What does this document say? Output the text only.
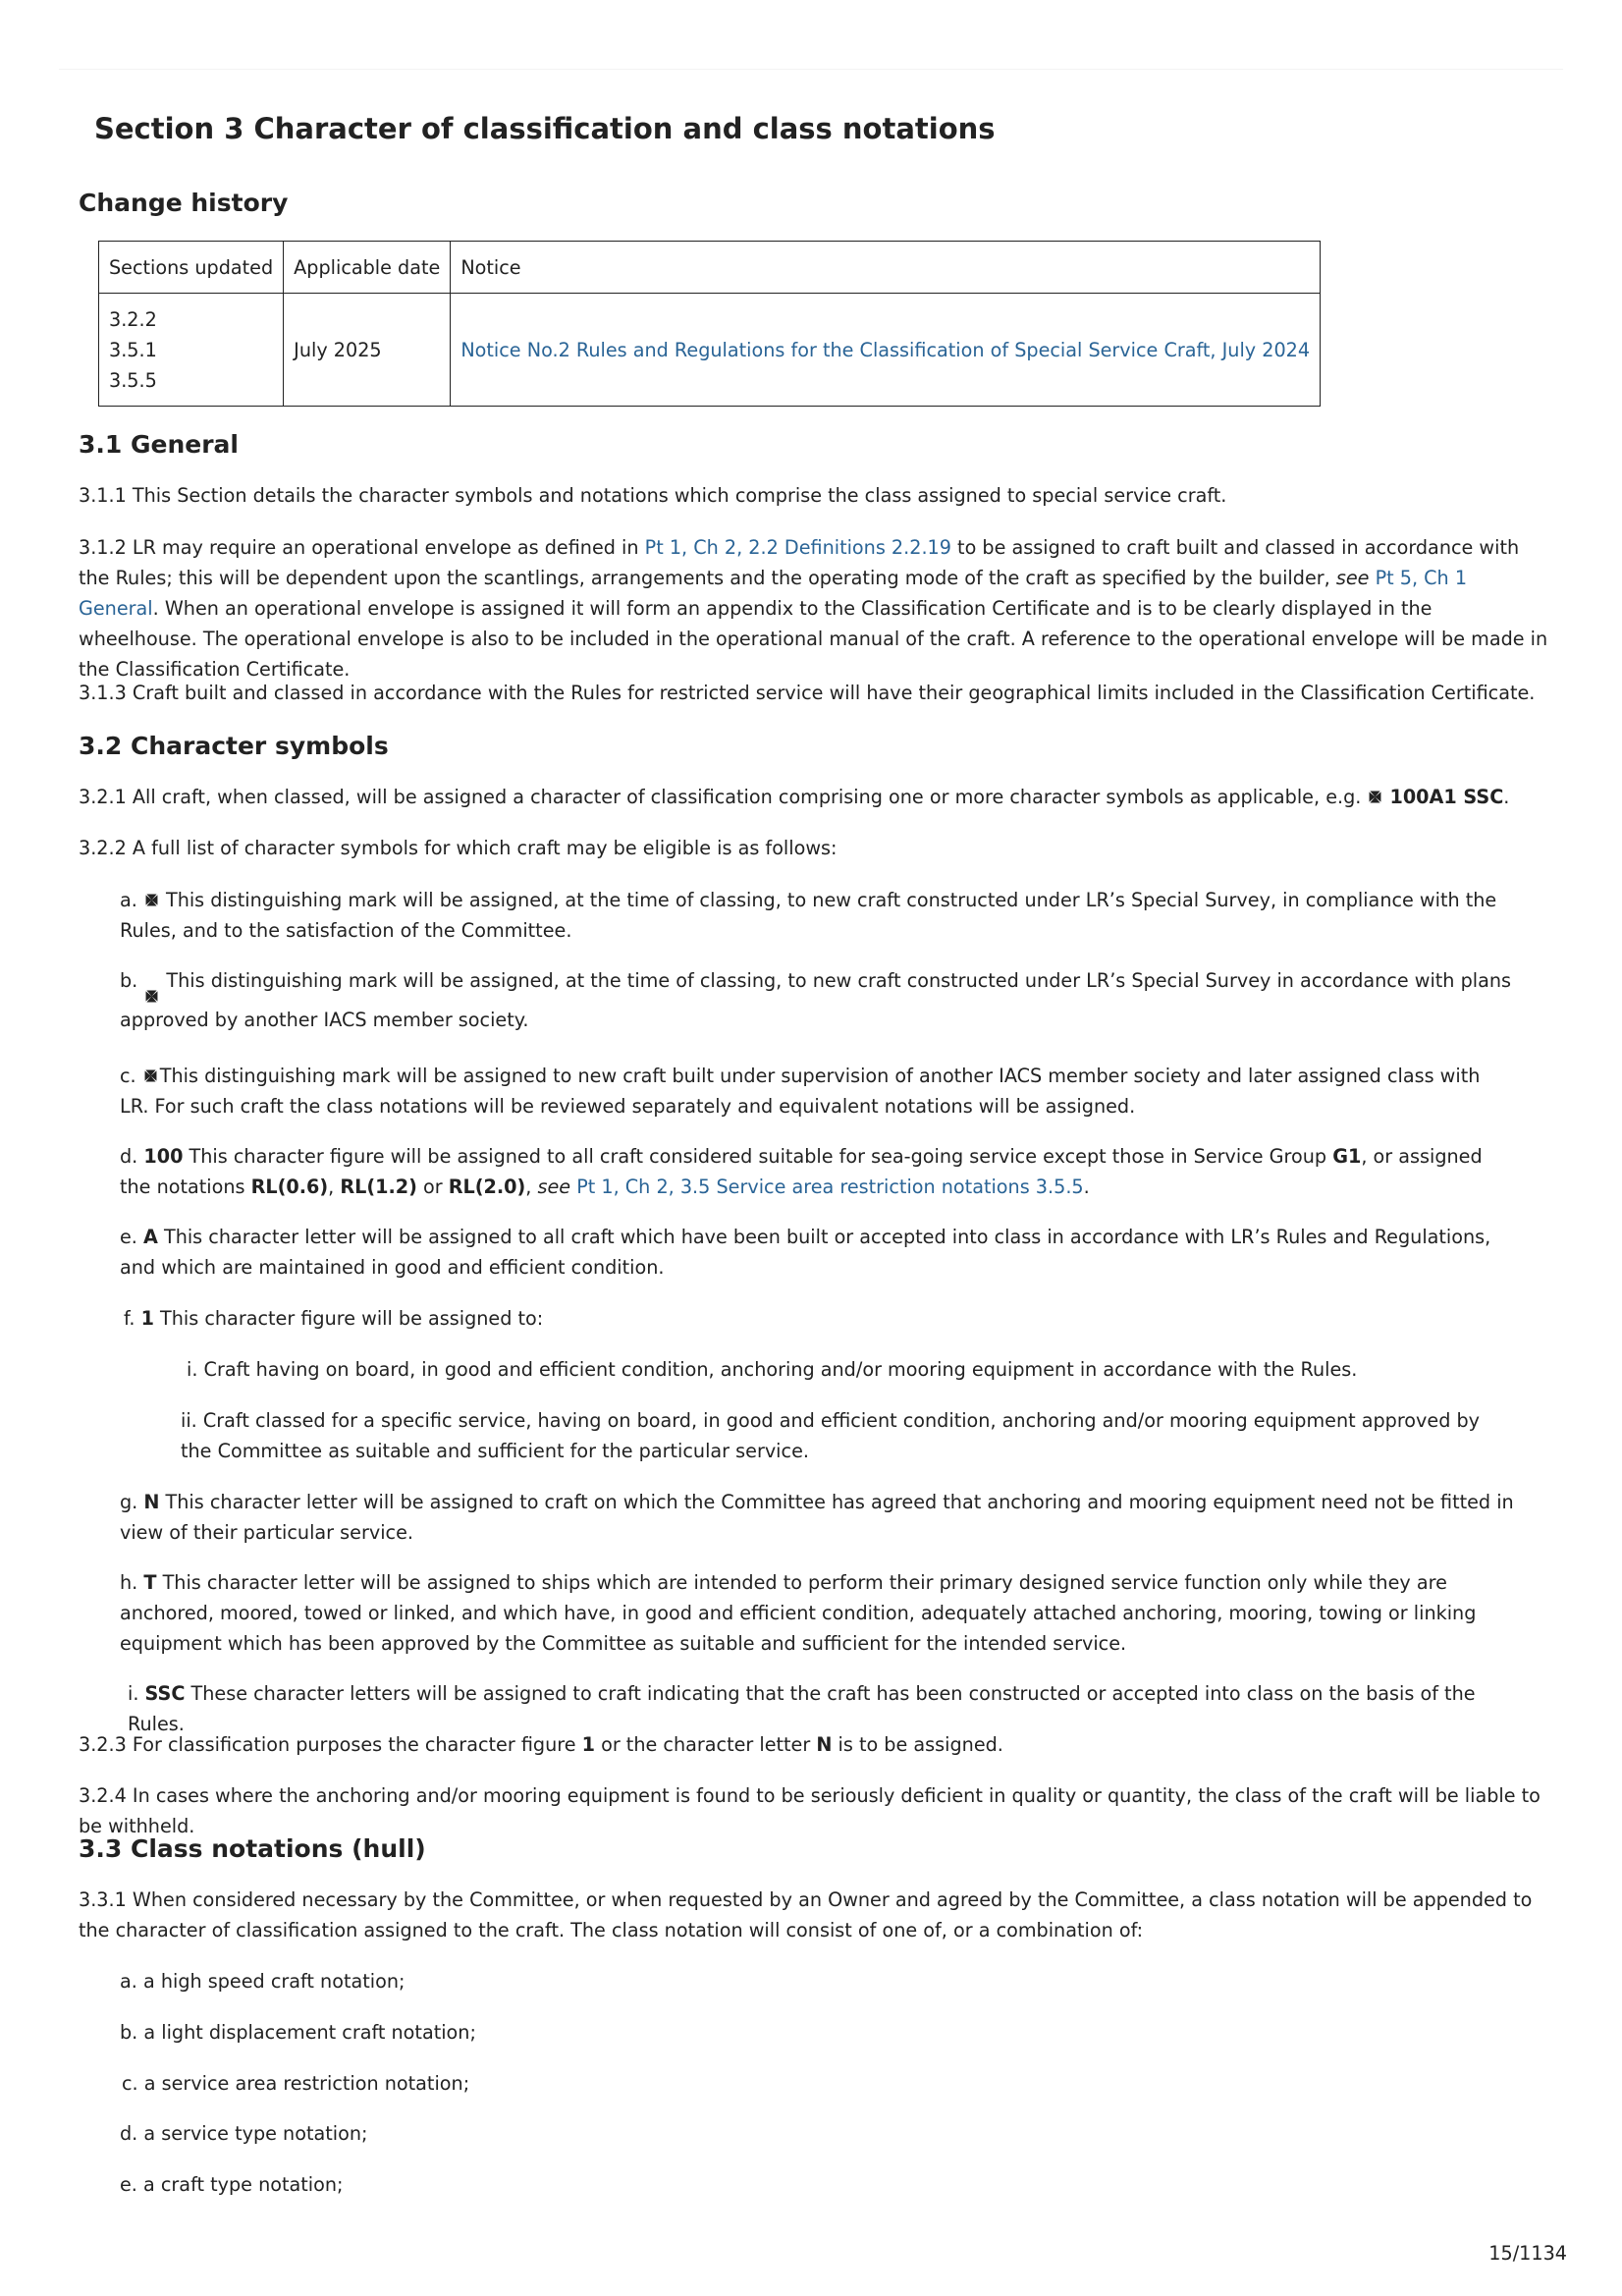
Section 3 Character of classification and class notations
Change history
Sections updated	Applicable date	Notice

3.2.2
3.5.1
3.5.5	July 2025	Notice No.2 Rules and Regulations for the Classification of Special Service Craft, July 2024
3.1 General

3.1.1 This Section details the character symbols and notations which comprise the class assigned to special service craft.

3.1.2 LR may require an operational envelope as defined in Pt 1, Ch 2, 2.2 Definitions 2.2.19 to be assigned to craft built and classed in accordance with the Rules; this will be dependent upon the scantlings, arrangements and the operating mode of the craft as specified by the builder, see Pt 5, Ch 1 General. When an operational envelope is assigned it will form an appendix to the Classification Certificate and is to be clearly displayed in the wheelhouse. The operational envelope is also to be included in the operational manual of the craft. A reference to the operational envelope will be made in the Classification Certificate.

3.1.3 Craft built and classed in accordance with the Rules for restricted service will have their geographical limits included in the Classification Certificate.

3.2 Character symbols

3.2.1 All craft, when classed, will be assigned a character of classification comprising one or more character symbols as applicable, e.g.
100A1 SSC.

3.2.2 A full list of character symbols for which craft may be eligible is as follows:

a. This distinguishing mark will be assigned, at the time of classing, to new craft constructed under LR’s Special Survey, in compliance with the Rules, and to the satisfaction of the Committee.
b. This distinguishing mark will be assigned, at the time of classing, to new craft constructed under LR’s Special Survey in accordance with plans approved by another IACS member society.
c. This distinguishing mark will be assigned to new craft built under supervision of another IACS member society and later assigned class with LR. For such craft the class notations will be reviewed separately and equivalent notations will be assigned.
d. 100 This character figure will be assigned to all craft considered suitable for sea-going service except those in Service Group G1, or assigned the notations RL(0.6), RL(1.2) or RL(2.0), see Pt 1, Ch 2, 3.5 Service area restriction notations 3.5.5.
e. A This character letter will be assigned to all craft which have been built or accepted into class in accordance with LR’s Rules and Regulations, and which are maintained in good and efficient condition.
f. 1 This character figure will be assigned to:
i. Craft having on board, in good and efficient condition, anchoring and/or mooring equipment in accordance with the Rules.
ii. Craft classed for a specific service, having on board, in good and efficient condition, anchoring and/or mooring equipment approved by the Committee as suitable and sufficient for the particular service.
g. N This character letter will be assigned to craft on which the Committee has agreed that anchoring and mooring equipment need not be fitted in view of their particular service.
h. T This character letter will be assigned to ships which are intended to perform their primary designed service function only while they are anchored, moored, towed or linked, and which have, in good and efficient condition, adequately attached anchoring, mooring, towing or linking equipment which has been approved by the Committee as suitable and sufficient for the intended service.
i. SSC These character letters will be assigned to craft indicating that the craft has been constructed or accepted into class on the basis of the Rules.

3.2.3 For classification purposes the character figure 1 or the character letter N is to be assigned.

3.2.4 In cases where the anchoring and/or mooring equipment is found to be seriously deficient in quality or quantity, the class of the craft will be liable to be withheld.

3.3 Class notations (hull)

3.3.1 When considered necessary by the Committee, or when requested by an Owner and agreed by the Committee, a class notation will be appended to the character of classification assigned to the craft. The class notation will consist of one of, or a combination of:

a. a high speed craft notation;
b. a light displacement craft notation;
c. a service area restriction notation;
d. a service type notation;
e. a craft type notation;
15/1134
